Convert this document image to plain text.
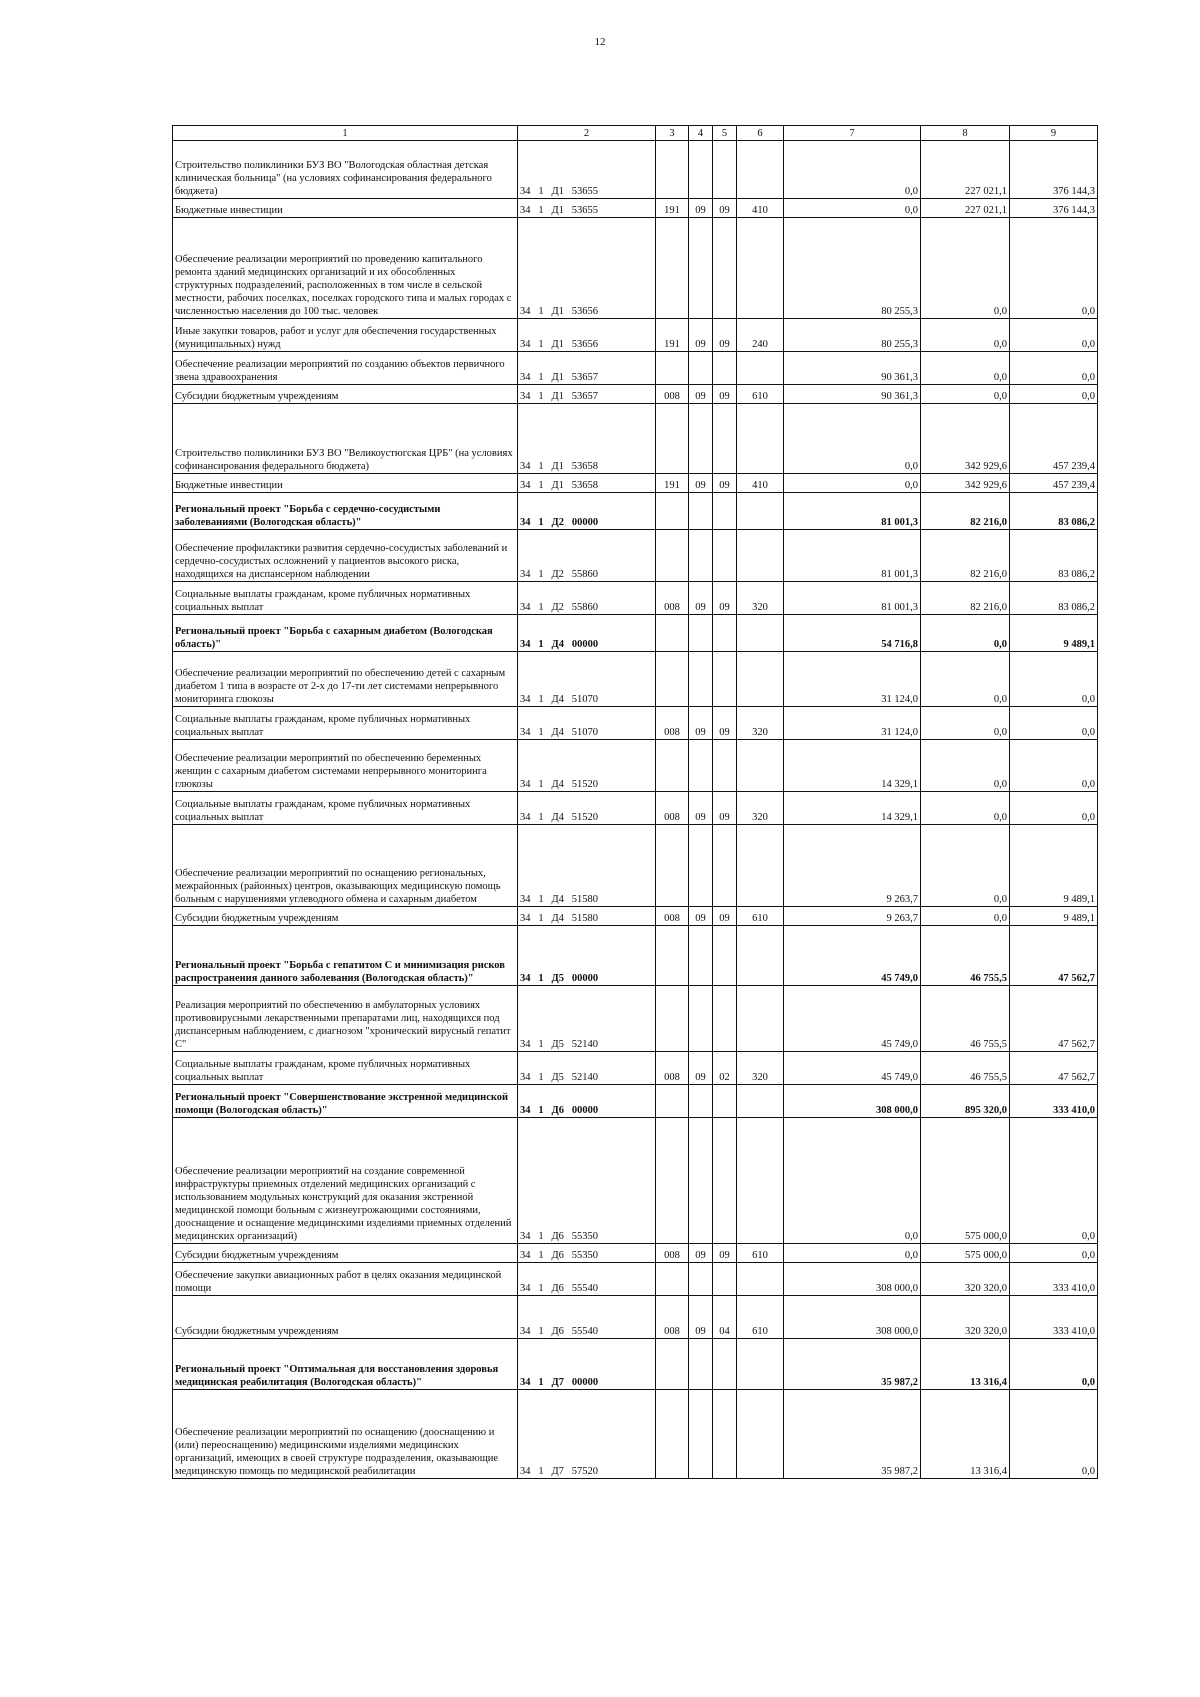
12
1	2	3	4	5	6	7	8	9
Строительство поликлиники БУЗ ВО "Вологодская областная детская клиническая больница" (на условиях софинансирования федерального бюджета)	34   1   Д1   53655					0,0	227 021,1	376 144,3
Бюджетные инвестиции	34   1   Д1   53655	191	09	09	410	0,0	227 021,1	376 144,3
Обеспечение реализации мероприятий по проведению капитального ремонта зданий медицинских организаций и их обособленных структурных подразделений, расположенных в том числе в сельской местности, рабочих поселках, поселках городского типа и малых городах с численностью населения до 100 тыс. человек	34   1   Д1   53656					80 255,3	0,0	0,0
Иные закупки товаров, работ и услуг для обеспечения государственных (муниципальных) нужд	34   1   Д1   53656	191	09	09	240	80 255,3	0,0	0,0
Обеспечение реализации мероприятий по созданию объектов первичного звена здравоохранения	34   1   Д1   53657					90 361,3	0,0	0,0
Субсидии бюджетным учреждениям	34   1   Д1   53657	008	09	09	610	90 361,3	0,0	0,0
Строительство поликлиники БУЗ ВО "Великоустюгская ЦРБ" (на условиях софинансирования федерального бюджета)	34   1   Д1   53658					0,0	342 929,6	457 239,4
Бюджетные инвестиции	34   1   Д1   53658	191	09	09	410	0,0	342 929,6	457 239,4
Региональный проект "Борьба с сердечно-сосудистыми заболеваниями (Вологодская область)"	34   1   Д2   00000					81 001,3	82 216,0	83 086,2
Обеспечение профилактики развития сердечно-сосудистых заболеваний и сердечно-сосудистых осложнений у пациентов высокого риска, находящихся на диспансерном наблюдении	34   1   Д2   55860					81 001,3	82 216,0	83 086,2
Социальные выплаты гражданам, кроме публичных нормативных социальных выплат	34   1   Д2   55860	008	09	09	320	81 001,3	82 216,0	83 086,2
Региональный проект "Борьба с сахарным диабетом (Вологодская область)"	34   1   Д4   00000					54 716,8	0,0	9 489,1
Обеспечение реализации мероприятий по обеспечению детей с сахарным диабетом 1 типа в возрасте от 2-х до 17-ти лет системами непрерывного мониторинга глюкозы	34   1   Д4   51070					31 124,0	0,0	0,0
Социальные выплаты гражданам, кроме публичных нормативных социальных выплат	34   1   Д4   51070	008	09	09	320	31 124,0	0,0	0,0
Обеспечение реализации мероприятий по обеспечению беременных женщин с сахарным диабетом системами непрерывного мониторинга глюкозы	34   1   Д4   51520					14 329,1	0,0	0,0
Социальные выплаты гражданам, кроме публичных нормативных социальных выплат	34   1   Д4   51520	008	09	09	320	14 329,1	0,0	0,0
Обеспечение реализации мероприятий по оснащению региональных, межрайонных (районных) центров, оказывающих медицинскую помощь больным с нарушениями углеводного обмена и сахарным диабетом	34   1   Д4   51580					9 263,7	0,0	9 489,1
Субсидии бюджетным учреждениям	34   1   Д4   51580	008	09	09	610	9 263,7	0,0	9 489,1
Региональный проект "Борьба с гепатитом С и минимизация рисков распространения данного заболевания (Вологодская область)"	34   1   Д5   00000					45 749,0	46 755,5	47 562,7
Реализация мероприятий по обеспечению в амбулаторных условиях противовирусными лекарственными препаратами лиц, находящихся под диспансерным наблюдением, с диагнозом "хронический вирусный гепатит С"	34   1   Д5   52140					45 749,0	46 755,5	47 562,7
Социальные выплаты гражданам, кроме публичных нормативных социальных выплат	34   1   Д5   52140	008	09	02	320	45 749,0	46 755,5	47 562,7
Региональный проект "Совершенствование экстренной медицинской помощи (Вологодская область)"	34   1   Д6   00000					308 000,0	895 320,0	333 410,0
Обеспечение реализации мероприятий на создание современной инфраструктуры приемных отделений медицинских организаций с использованием модульных конструкций для оказания экстренной медицинской помощи больным с жизнеугрожающими состояниями, дооснащение и оснащение медицинскими изделиями приемных отделений медицинских организаций)	34   1   Д6   55350					0,0	575 000,0	0,0
Субсидии бюджетным учреждениям	34   1   Д6   55350	008	09	09	610	0,0	575 000,0	0,0
Обеспечение закупки авиационных работ в целях оказания медицинской помощи	34   1   Д6   55540					308 000,0	320 320,0	333 410,0
Субсидии бюджетным учреждениям	34   1   Д6   55540	008	09	04	610	308 000,0	320 320,0	333 410,0
Региональный проект "Оптимальная для восстановления здоровья медицинская реабилитация (Вологодская область)"	34   1   Д7   00000					35 987,2	13 316,4	0,0
Обеспечение реализации мероприятий по оснащению (дооснащению и (или) переоснащению) медицинскими изделиями медицинских организаций, имеющих в своей структуре подразделения, оказывающие медицинскую помощь по медицинской реабилитации	34   1   Д7   57520					35 987,2	13 316,4	0,0
